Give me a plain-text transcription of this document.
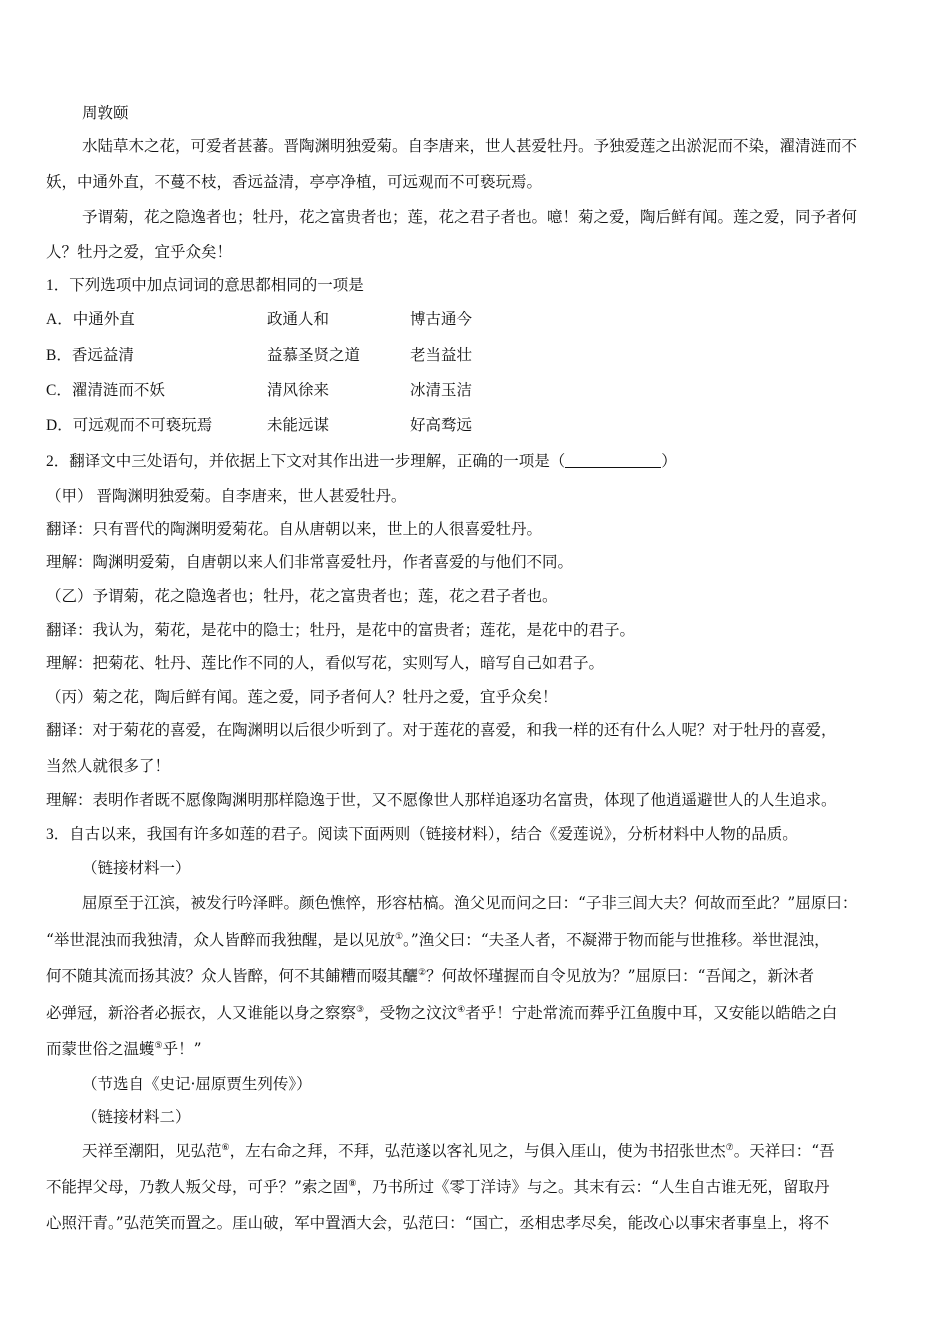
周敦颐
水陆草木之花，可爱者甚蕃。晋陶渊明独爱菊。自李唐来，世人甚爱牡丹。予独爱莲之出淤泥而不染，濯清涟而不
妖，中通外直，不蔓不枝，香远益清，亭亭净植，可远观而不可亵玩焉。
予谓菊，花之隐逸者也；牡丹，花之富贵者也；莲，花之君子者也。噫！菊之爱，陶后鲜有闻。莲之爱，同予者何
人？牡丹之爱，宜乎众矣！
1．下列选项中加点词词的意思都相同的一项是
A．中通外直	政通人和	博古通今
B．香远益清	益慕圣贤之道	老当益壮
C．濯清涟而不妖	清风徐来	冰清玉洁
D．可远观而不可亵玩焉	未能远谋	好高骛远
2．翻译文中三处语句，并依据上下文对其作出进一步理解，正确的一项是（	）
（甲） 晋陶渊明独爱菊。自李唐来，世人甚爱牡丹。
翻译：只有晋代的陶渊明爱菊花。自从唐朝以来，世上的人很喜爱牡丹。
理解：陶渊明爱菊，自唐朝以来人们非常喜爱牡丹，作者喜爱的与他们不同。
（乙）予谓菊，花之隐逸者也；牡丹，花之富贵者也；莲，花之君子者也。
翻译：我认为，菊花，是花中的隐士；牡丹，是花中的富贵者；莲花，是花中的君子。
理解：把菊花、牡丹、莲比作不同的人，看似写花，实则写人，暗写自己如君子。
（丙）菊之花，陶后鲜有闻。莲之爱，同予者何人？牡丹之爱，宜乎众矣！
翻译：对于菊花的喜爱，在陶渊明以后很少听到了。对于莲花的喜爱，和我一样的还有什么人呢？对于牡丹的喜爱，
当然人就很多了！
理解：表明作者既不愿像陶渊明那样隐逸于世，又不愿像世人那样追逐功名富贵，体现了他逍遥避世人的人生追求。
3．自古以来，我国有许多如莲的君子。阅读下面两则（链接材料），结合《爱莲说》，分析材料中人物的品质。
（链接材料一）
屈原至于江滨，被发行吟泽畔。颜色憔悴，形容枯槁。渔父见而问之曰：“子非三闾大夫？何故而至此？”屈原曰：
“举世混浊而我独清，众人皆醉而我独醒，是以见放①。”渔父曰：“夫圣人者，不凝滞于物而能与世推移。举世混浊，
何不随其流而扬其波？众人皆醉，何不其餔糟而啜其釃②？何故怀瑾握而自令见放为？”屈原曰：“吾闻之，新沐者
必弹冠，新浴者必振衣，人又谁能以身之察察③，受物之汶汶④者乎！宁赴常流而葬乎江鱼腹中耳，又安能以皓皓之白
而蒙世俗之温蠖⑤乎！”
（节选自《史记·屈原贾生列传》）
（链接材料二）
天祥至潮阳，见弘范⑥，左右命之拜，不拜，弘范遂以客礼见之，与俱入厓山，使为书招张世杰⑦。天祥曰：“吾
不能捍父母，乃教人叛父母，可乎？”索之固⑧，乃书所过《零丁洋诗》与之。其末有云：“人生自古谁无死，留取丹
心照汗青。”弘范笑而置之。厓山破，军中置酒大会，弘范曰：“国亡，丞相忠孝尽矣，能改心以事宋者事皇上，将不
